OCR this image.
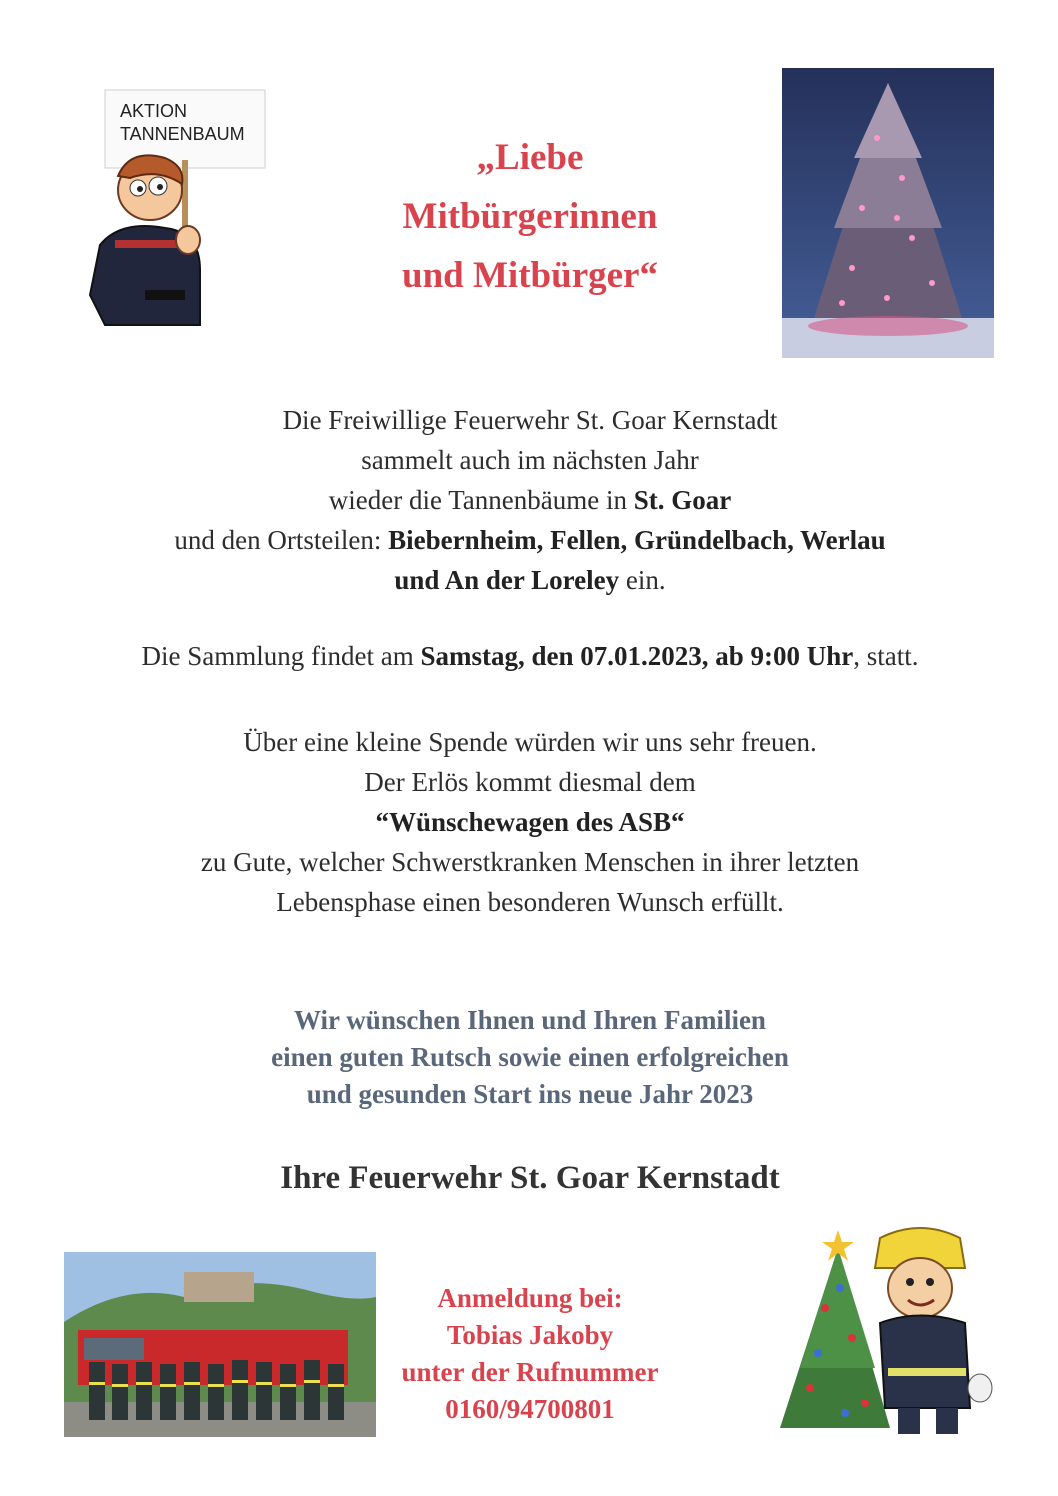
AKTION
TANNENBAUM
„Liebe
Mitbürgerinnen
und Mitbürger“
Die Freiwillige Feuerwehr St. Goar Kernstadt
sammelt auch im nächsten Jahr
wieder die Tannenbäume in St. Goar
und den Ortsteilen: Biebernheim, Fellen, Gründelbach, Werlau
und An der Loreley ein.
Die Sammlung findet am Samstag, den 07.01.2023, ab 9:00 Uhr, statt.
Über eine kleine Spende würden wir uns sehr freuen.
Der Erlös kommt diesmal dem
“Wünschewagen des ASB“
zu Gute, welcher Schwerstkranken Menschen in ihrer letzten
Lebensphase einen besonderen Wunsch erfüllt.
Wir wünschen Ihnen und Ihren Familien
einen guten Rutsch sowie einen erfolgreichen
und gesunden Start ins neue Jahr 2023
Ihre Feuerwehr St. Goar Kernstadt
Anmeldung bei:
Tobias Jakoby
unter der Rufnummer
0160/94700801
